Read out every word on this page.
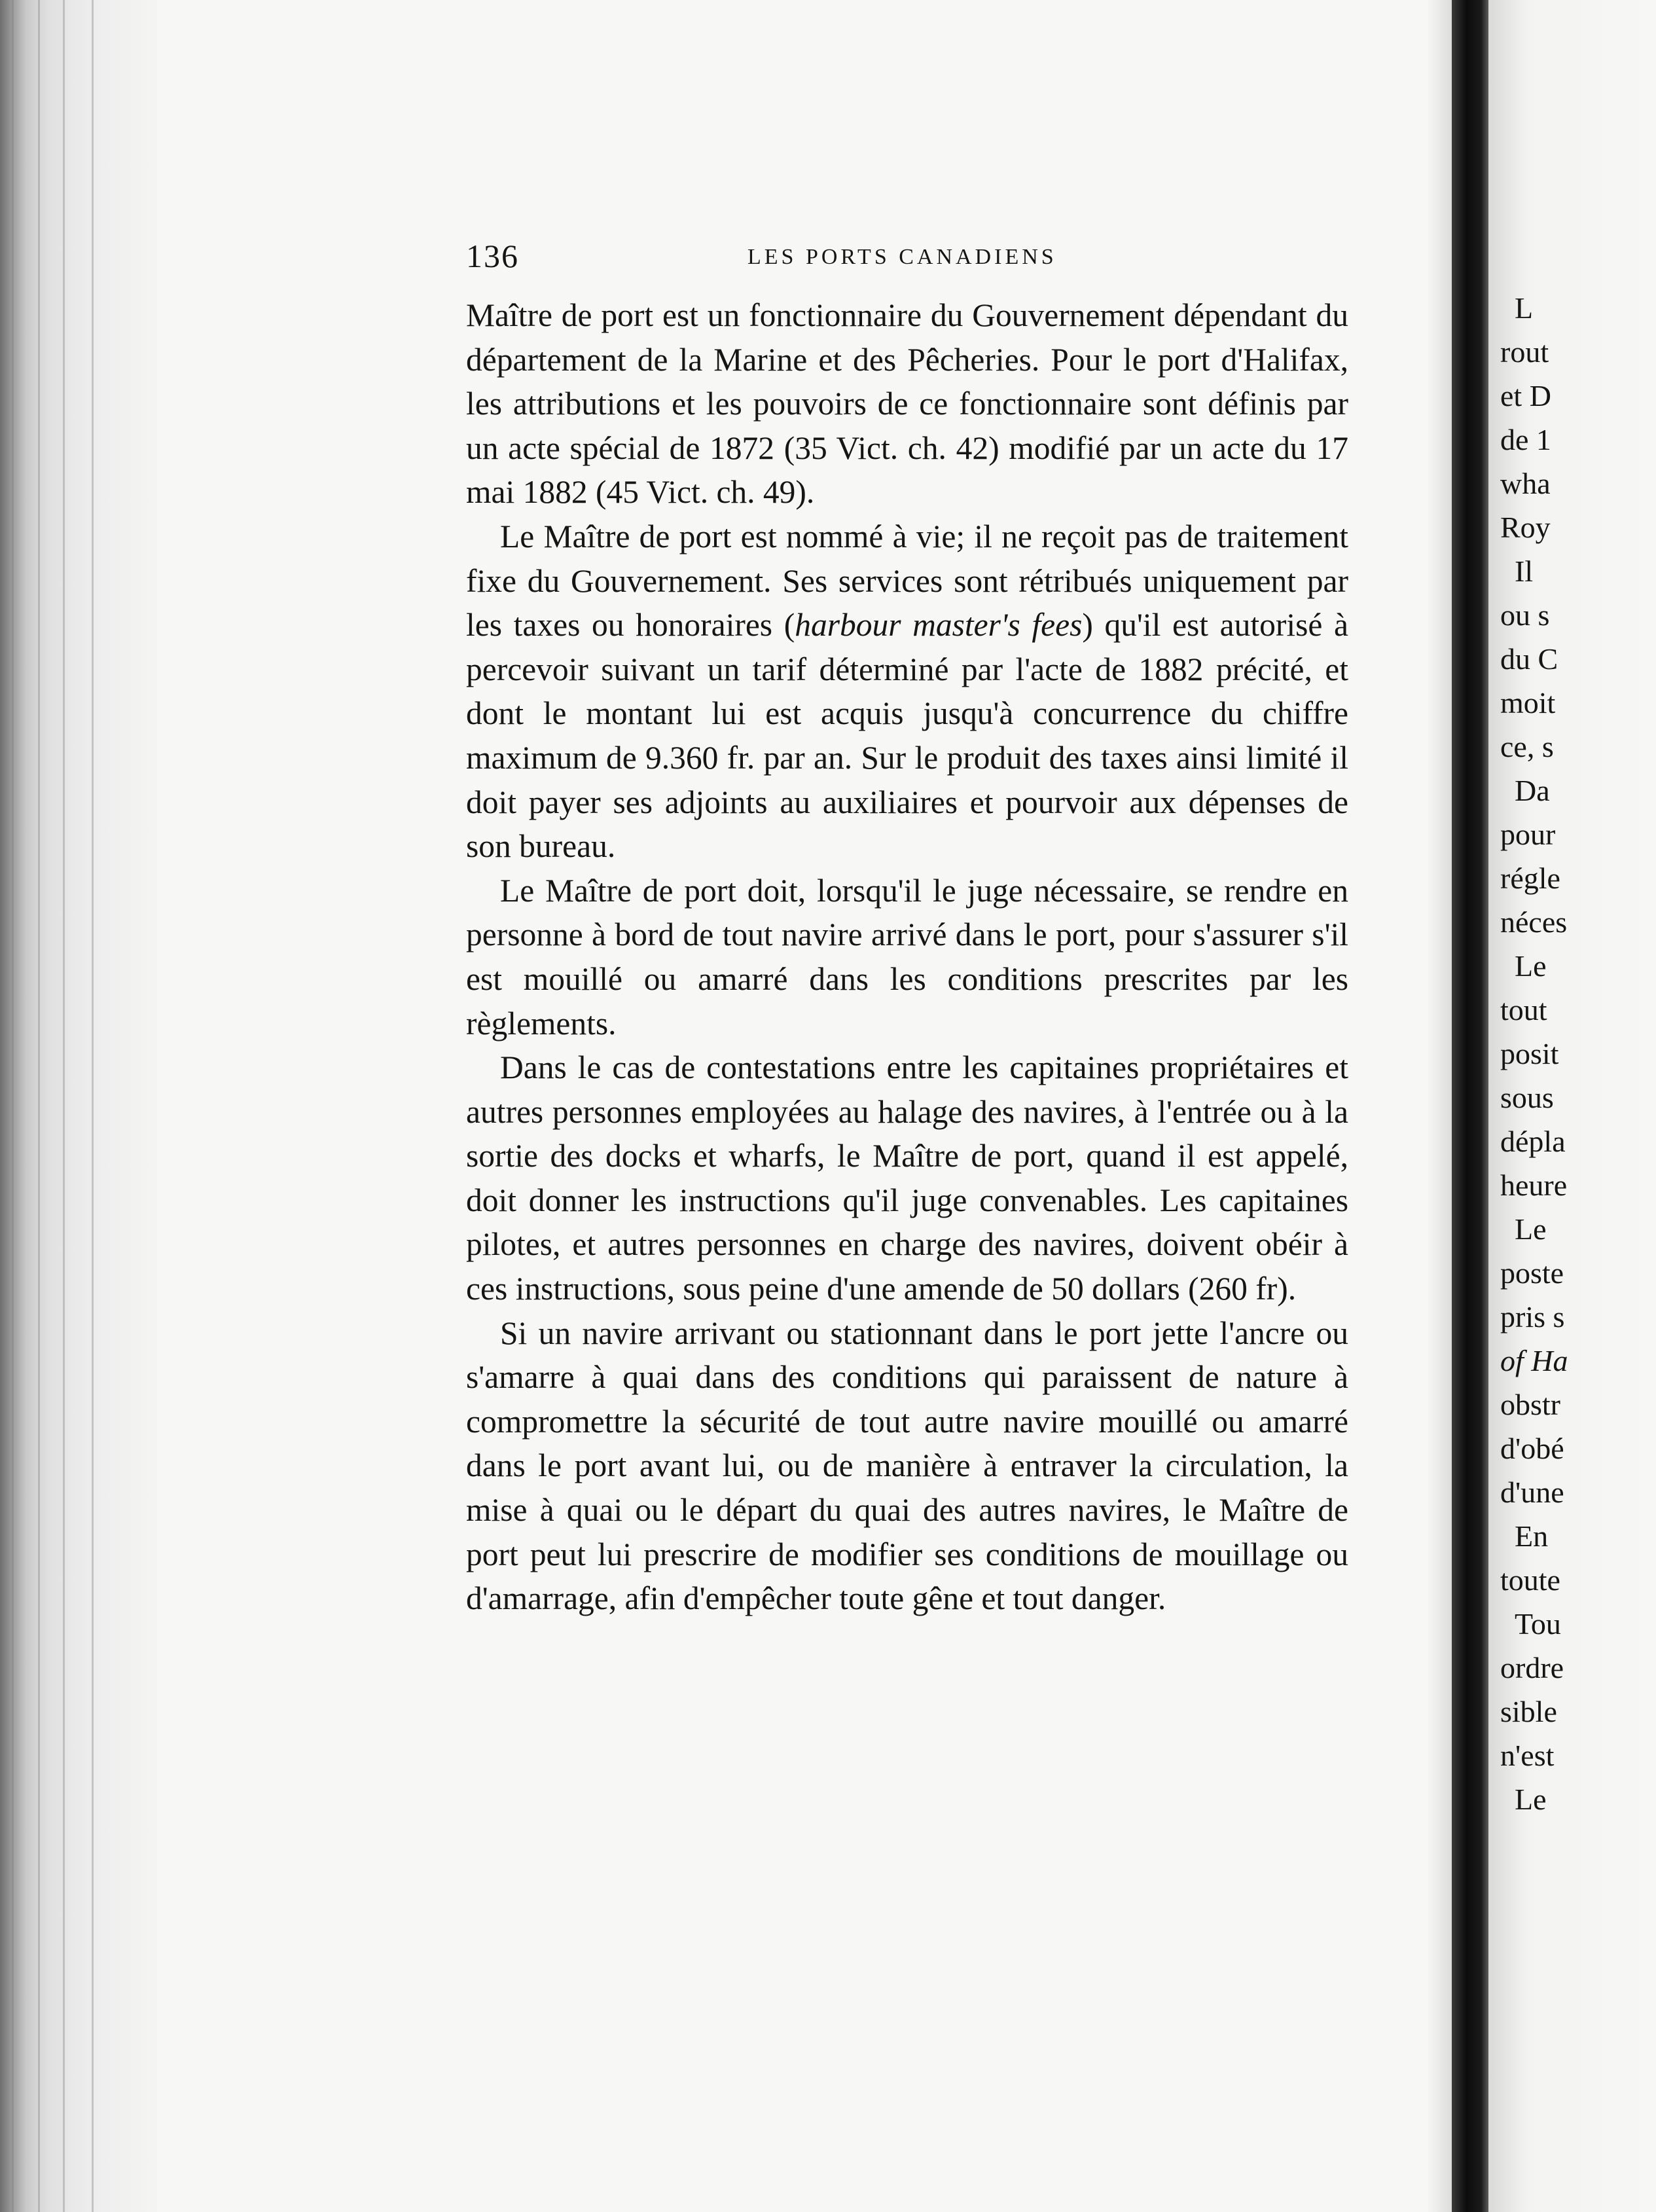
136	LES PORTS CANADIENS

Maître de port est un fonctionnaire du Gouvernement dépendant du département de la Marine et des Pêcheries. Pour le port d'Halifax, les attributions et les pouvoirs de ce fonctionnaire sont définis par un acte spécial de 1872 (35 Vict. ch. 42) modifié par un acte du 17 mai 1882 (45 Vict. ch. 49).

Le Maître de port est nommé à vie; il ne reçoit pas de traitement fixe du Gouvernement. Ses services sont rétribués uniquement par les taxes ou honoraires (harbour master's fees) qu'il est autorisé à percevoir suivant un tarif déterminé par l'acte de 1882 précité, et dont le montant lui est acquis jusqu'à concurrence du chiffre maximum de 9.360 fr. par an. Sur le produit des taxes ainsi limité il doit payer ses adjoints au auxiliaires et pourvoir aux dépenses de son bureau.

Le Maître de port doit, lorsqu'il le juge nécessaire, se rendre en personne à bord de tout navire arrivé dans le port, pour s'assurer s'il est mouillé ou amarré dans les conditions prescrites par les règlements.

Dans le cas de contestations entre les capitaines propriétaires et autres personnes employées au halage des navires, à l'entrée ou à la sortie des docks et wharfs, le Maître de port, quand il est appelé, doit donner les instructions qu'il juge convenables. Les capitaines pilotes, et autres personnes en charge des navires, doivent obéir à ces instructions, sous peine d'une amende de 50 dollars (260 fr).

Si un navire arrivant ou stationnant dans le port jette l'ancre ou s'amarre à quai dans des conditions qui paraissent de nature à compromettre la sécurité de tout autre navire mouillé ou amarré dans le port avant lui, ou de manière à entraver la circulation, la mise à quai ou le départ du quai des autres navires, le Maître de port peut lui prescrire de modifier ses conditions de mouillage ou d'amarrage, afin d'empêcher toute gêne et tout danger.

L
rout
et D
de 1
wha
Roy
Il
ou s
du C
moit
ce, s
Da
pour
régle
néces
Le
tout
posit
sous
dépla
heure
Le
poste
pris s
of Ha
obstr
d'obé
d'une
En
toute
Tou
ordre
sible
n'est
Le
